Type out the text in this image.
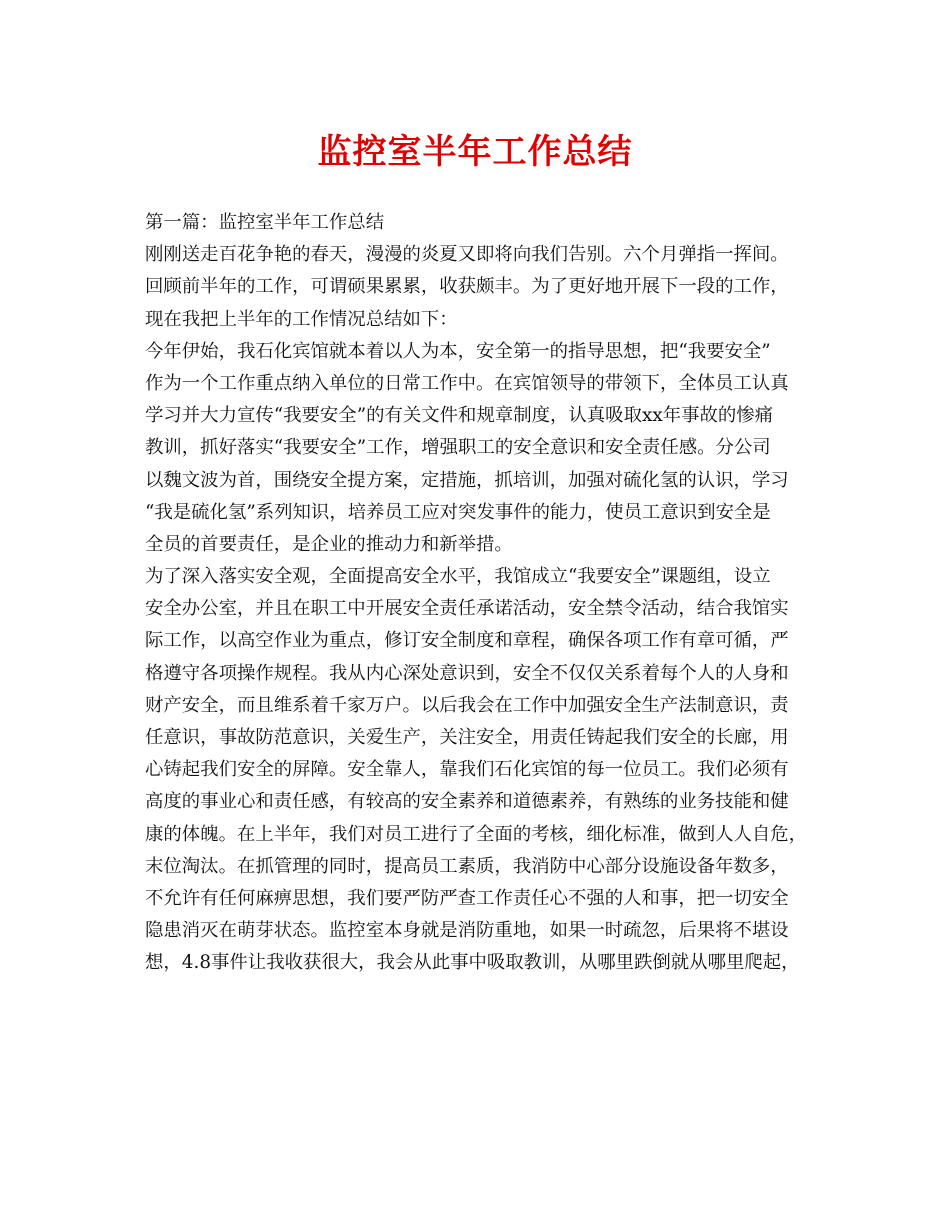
监控室半年工作总结

第一篇：监控室半年工作总结

刚刚送走百花争艳的春天，漫漫的炎夏又即将向我们告别。六个月弹指一挥间。
回顾前半年的工作，可谓硕果累累，收获颇丰。为了更好地开展下一段的工作，
现在我把上半年的工作情况总结如下：

今年伊始，我石化宾馆就本着以人为本，安全第一的指导思想，把“我要安全”
作为一个工作重点纳入单位的日常工作中。在宾馆领导的带领下，全体员工认真
学习并大力宣传“我要安全”的有关文件和规章制度，认真吸取xx年事故的惨痛
教训，抓好落实“我要安全”工作，增强职工的安全意识和安全责任感。分公司
以魏文波为首，围绕安全提方案，定措施，抓培训，加强对硫化氢的认识，学习
“我是硫化氢”系列知识，培养员工应对突发事件的能力，使员工意识到安全是
全员的首要责任，是企业的推动力和新举措。

为了深入落实安全观，全面提高安全水平，我馆成立“我要安全”课题组，设立
安全办公室，并且在职工中开展安全责任承诺活动，安全禁令活动，结合我馆实
际工作，以高空作业为重点，修订安全制度和章程，确保各项工作有章可循，严
格遵守各项操作规程。我从内心深处意识到，安全不仅仅关系着每个人的人身和
财产安全，而且维系着千家万户。以后我会在工作中加强安全生产法制意识，责
任意识，事故防范意识，关爱生产，关注安全，用责任铸起我们安全的长廊，用
心铸起我们安全的屏障。安全靠人，靠我们石化宾馆的每一位员工。我们必须有
高度的事业心和责任感，有较高的安全素养和道德素养，有熟练的业务技能和健
康的体魄。在上半年，我们对员工进行了全面的考核，细化标准，做到人人自危，
末位淘汰。在抓管理的同时，提高员工素质，我消防中心部分设施设备年数多，
不允许有任何麻痹思想，我们要严防严查工作责任心不强的人和事，把一切安全
隐患消灭在萌芽状态。监控室本身就是消防重地，如果一时疏忽，后果将不堪设
想，4.8事件让我收获很大，我会从此事中吸取教训，从哪里跌倒就从哪里爬起，
